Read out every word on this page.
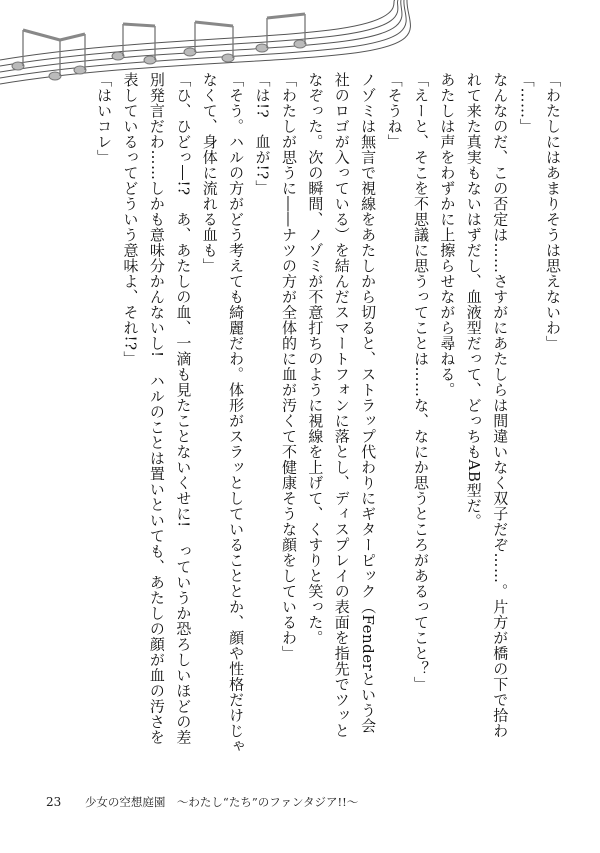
「わたしにはあまりそうは思えないわ」
「……」
なんなのだ、この否定は……さすがにあたしらは間違いなく双子だぞ……。片方が橋の下で拾わ
れて来た真実もないはずだし、血液型だって、どっちもAB型だ。
あたしは声をわずかに上擦らせながら尋ねる。
「えーと、そこを不思議に思うってことは……な、なにか思うところがあるってこと？」
「そうね」
ノゾミは無言で視線をあたしから切ると、ストラップ代わりにギターピック（Fenderという会
社のロゴが入っている）を結んだスマートフォンに落とし、ディスプレイの表面を指先でツッと
なぞった。次の瞬間、ノゾミが不意打ちのように視線を上げて、くすりと笑った。
「わたしが思うに――ナツの方が全体的に血が汚くて不健康そうな顔をしているわ」
「は!?　血が!?」
「そう。ハルの方がどう考えても綺麗だわ。体形がスラッとしていることとか、顔や性格だけじゃ
なくて、身体に流れる血も」
「ひ、ひどっ―!?　あ、あたしの血、一滴も見たことないくせに!　っていうか恐ろしいほどの差
別発言だわ……しかも意味分かんないし!　ハルのことは置いといても、あたしの顔が血の汚さを
表しているってどういう意味よ、それ!?」
「はいコレ」
23 少女の空想庭園　～わたし“たち”のファンタジア!!～
